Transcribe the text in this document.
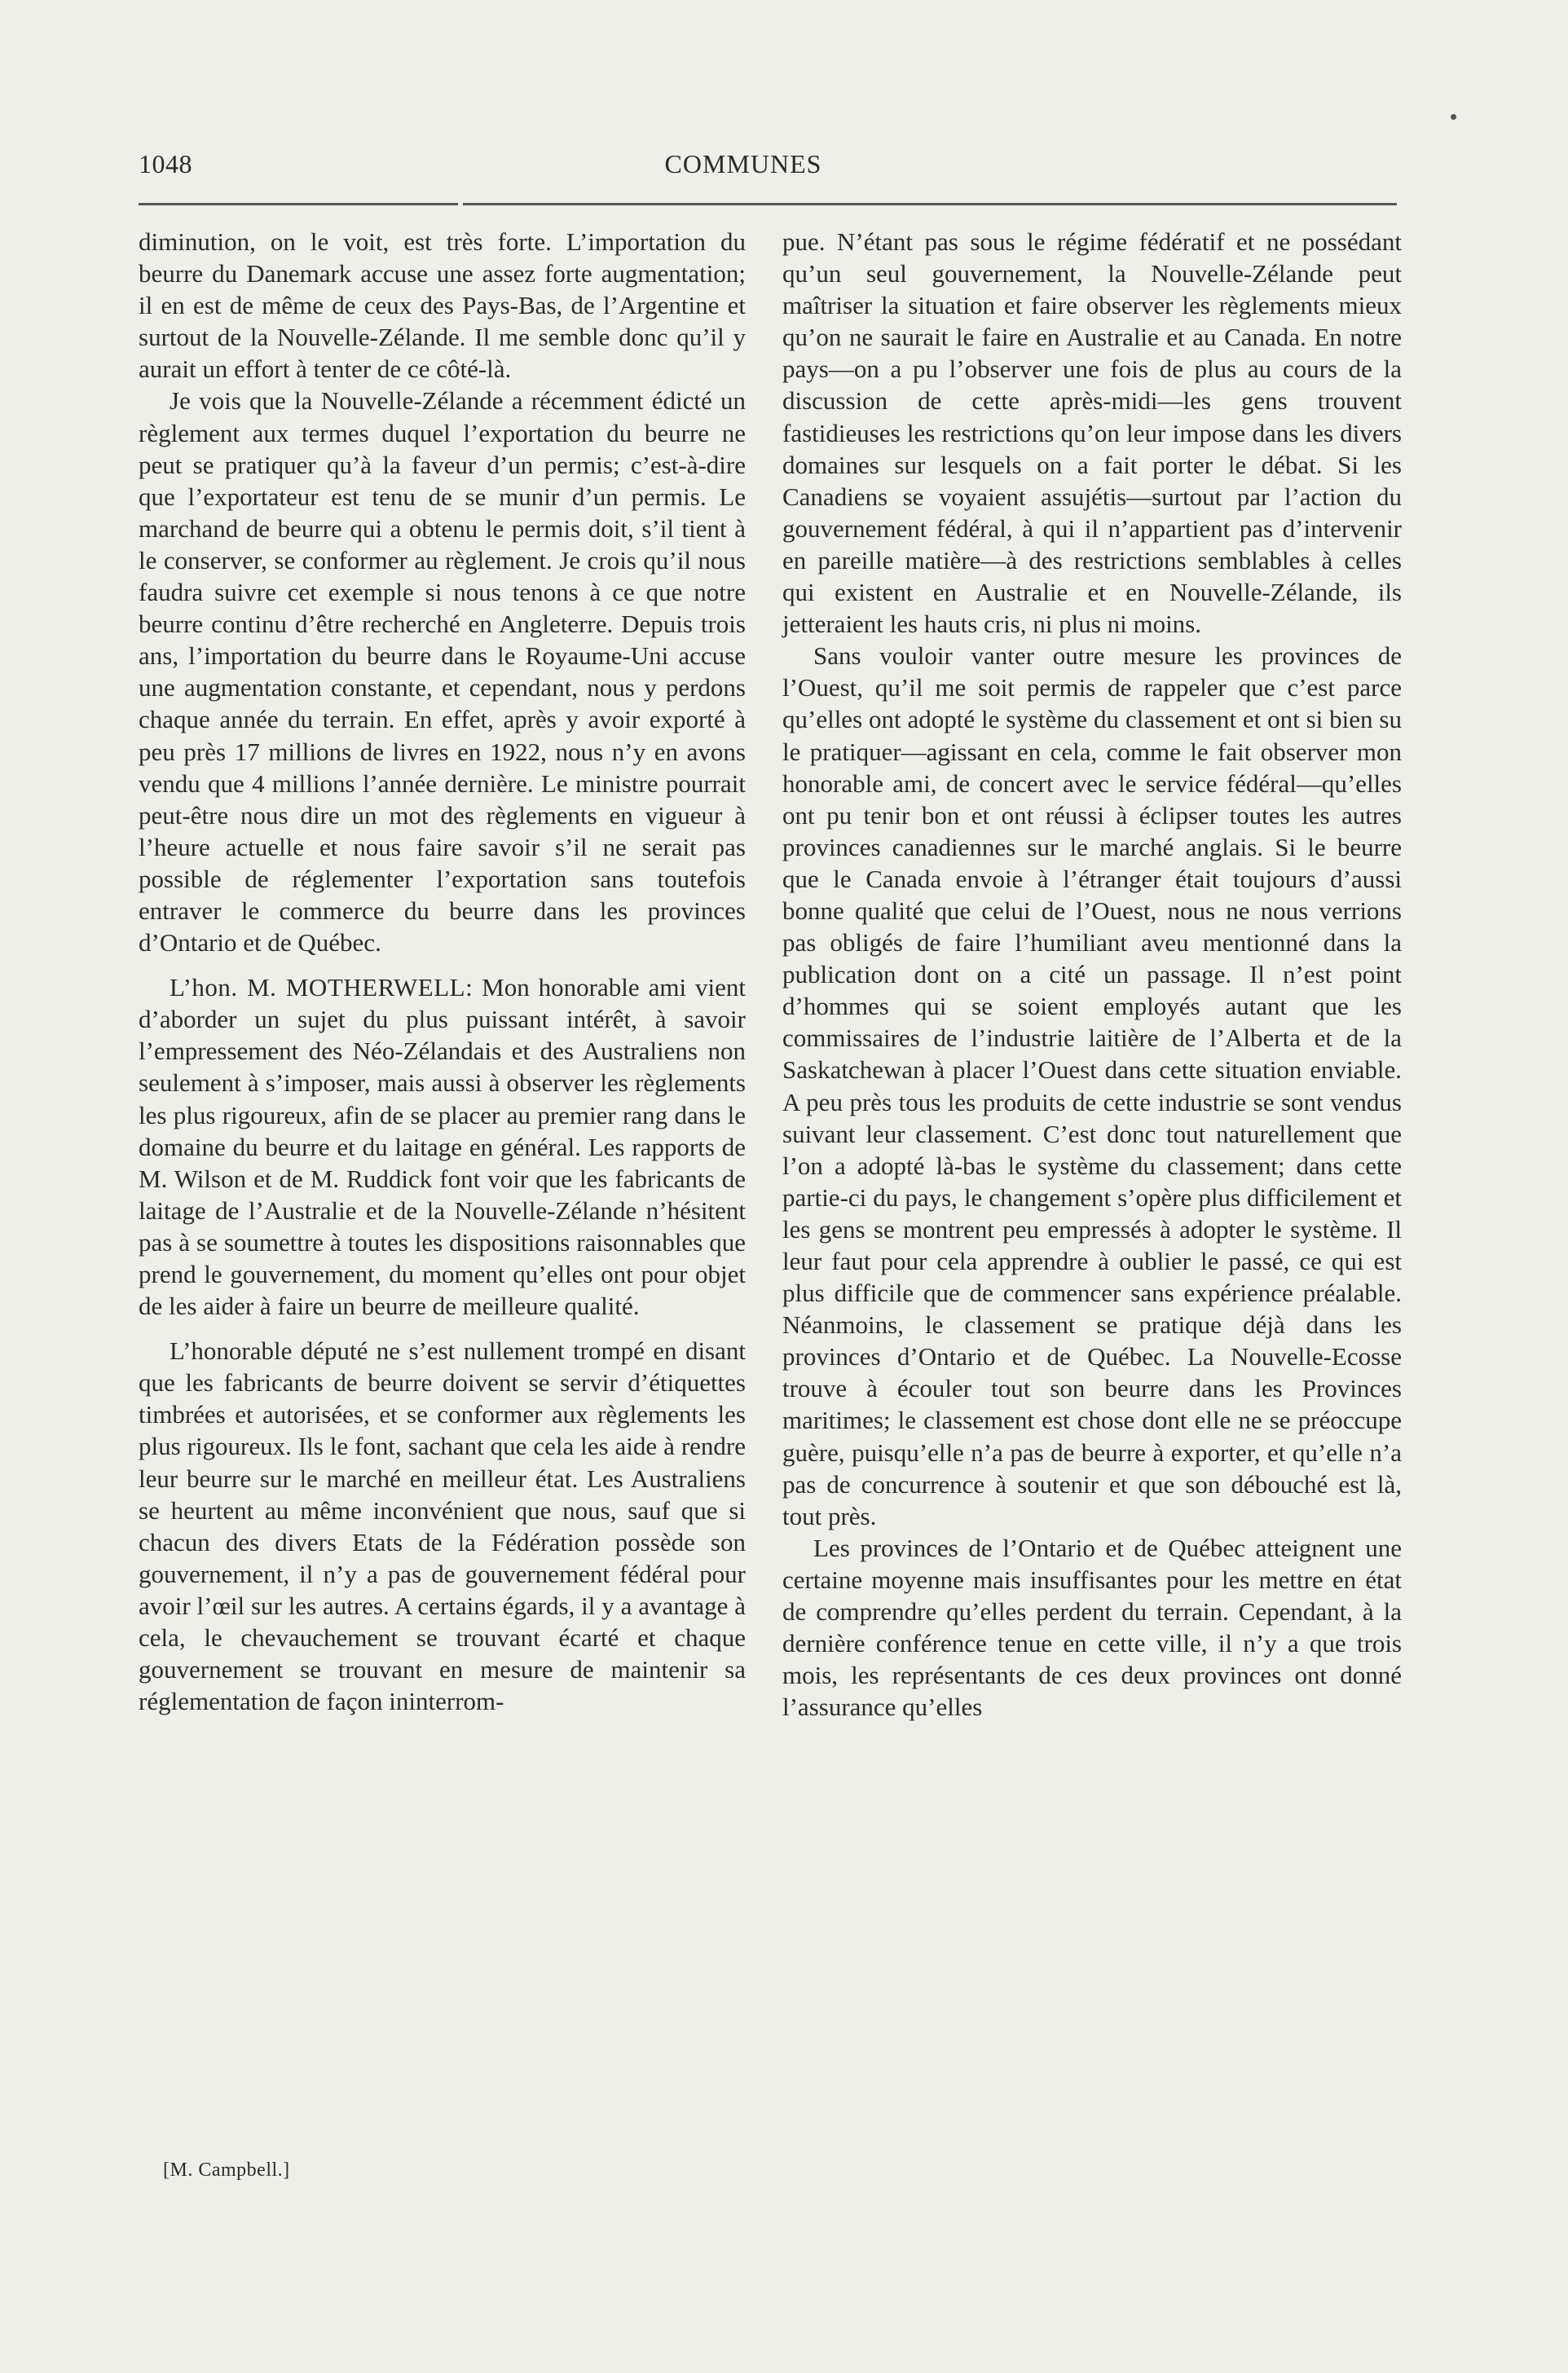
1048	COMMUNES

diminution, on le voit, est très forte. L’importation du beurre du Danemark accuse une assez forte augmentation; il en est de même de ceux des Pays-Bas, de l’Argentine et surtout de la Nouvelle-Zélande. Il me semble donc qu’il y aurait un effort à tenter de ce côté-là.

Je vois que la Nouvelle-Zélande a récemment édicté un règlement aux termes duquel l’exportation du beurre ne peut se pratiquer qu’à la faveur d’un permis; c’est-à-dire que l’exportateur est tenu de se munir d’un permis. Le marchand de beurre qui a obtenu le permis doit, s’il tient à le conserver, se conformer au règlement. Je crois qu’il nous faudra suivre cet exemple si nous tenons à ce que notre beurre continu d’être recherché en Angleterre. Depuis trois ans, l’importation du beurre dans le Royaume-Uni accuse une augmentation constante, et cependant, nous y perdons chaque année du terrain. En effet, après y avoir exporté à peu près 17 millions de livres en 1922, nous n’y en avons vendu que 4 millions l’année dernière. Le ministre pourrait peut-être nous dire un mot des règlements en vigueur à l’heure actuelle et nous faire savoir s’il ne serait pas possible de réglementer l’exportation sans toutefois entraver le commerce du beurre dans les provinces d’Ontario et de Québec.

L’hon. M. MOTHERWELL: Mon honorable ami vient d’aborder un sujet du plus puissant intérêt, à savoir l’empressement des Néo-Zélandais et des Australiens non seulement à s’imposer, mais aussi à observer les règlements les plus rigoureux, afin de se placer au premier rang dans le domaine du beurre et du laitage en général. Les rapports de M. Wilson et de M. Ruddick font voir que les fabricants de laitage de l’Australie et de la Nouvelle-Zélande n’hésitent pas à se soumettre à toutes les dispositions raisonnables que prend le gouvernement, du moment qu’elles ont pour objet de les aider à faire un beurre de meilleure qualité.

L’honorable député ne s’est nullement trompé en disant que les fabricants de beurre doivent se servir d’étiquettes timbrées et autorisées, et se conformer aux règlements les plus rigoureux. Ils le font, sachant que cela les aide à rendre leur beurre sur le marché en meilleur état. Les Australiens se heurtent au même inconvénient que nous, sauf que si chacun des divers Etats de la Fédération possède son gouvernement, il n’y a pas de gouvernement fédéral pour avoir l’œil sur les autres. A certains égards, il y a avantage à cela, le chevauchement se trouvant écarté et chaque gouvernement se trouvant en mesure de maintenir sa réglementation de façon ininterrom-

pue. N’étant pas sous le régime fédératif et ne possédant qu’un seul gouvernement, la Nouvelle-Zélande peut maîtriser la situation et faire observer les règlements mieux qu’on ne saurait le faire en Australie et au Canada. En notre pays—on a pu l’observer une fois de plus au cours de la discussion de cette après-midi—les gens trouvent fastidieuses les restrictions qu’on leur impose dans les divers domaines sur lesquels on a fait porter le débat. Si les Canadiens se voyaient assujétis—surtout par l’action du gouvernement fédéral, à qui il n’appartient pas d’intervenir en pareille matière—à des restrictions semblables à celles qui existent en Australie et en Nouvelle-Zélande, ils jetteraient les hauts cris, ni plus ni moins.

Sans vouloir vanter outre mesure les provinces de l’Ouest, qu’il me soit permis de rappeler que c’est parce qu’elles ont adopté le système du classement et ont si bien su le pratiquer—agissant en cela, comme le fait observer mon honorable ami, de concert avec le service fédéral—qu’elles ont pu tenir bon et ont réussi à éclipser toutes les autres provinces canadiennes sur le marché anglais. Si le beurre que le Canada envoie à l’étranger était toujours d’aussi bonne qualité que celui de l’Ouest, nous ne nous verrions pas obligés de faire l’humiliant aveu mentionné dans la publication dont on a cité un passage. Il n’est point d’hommes qui se soient employés autant que les commissaires de l’industrie laitière de l’Alberta et de la Saskatchewan à placer l’Ouest dans cette situation enviable. A peu près tous les produits de cette industrie se sont vendus suivant leur classement. C’est donc tout naturellement que l’on a adopté là-bas le système du classement; dans cette partie-ci du pays, le changement s’opère plus difficilement et les gens se montrent peu empressés à adopter le système. Il leur faut pour cela apprendre à oublier le passé, ce qui est plus difficile que de commencer sans expérience préalable. Néanmoins, le classement se pratique déjà dans les provinces d’Ontario et de Québec. La Nouvelle-Ecosse trouve à écouler tout son beurre dans les Provinces maritimes; le classement est chose dont elle ne se préoccupe guère, puisqu’elle n’a pas de beurre à exporter, et qu’elle n’a pas de concurrence à soutenir et que son débouché est là, tout près.

Les provinces de l’Ontario et de Québec atteignent une certaine moyenne mais insuffisantes pour les mettre en état de comprendre qu’elles perdent du terrain. Cependant, à la dernière conférence tenue en cette ville, il n’y a que trois mois, les représentants de ces deux provinces ont donné l’assurance qu’elles

[M. Campbell.]
